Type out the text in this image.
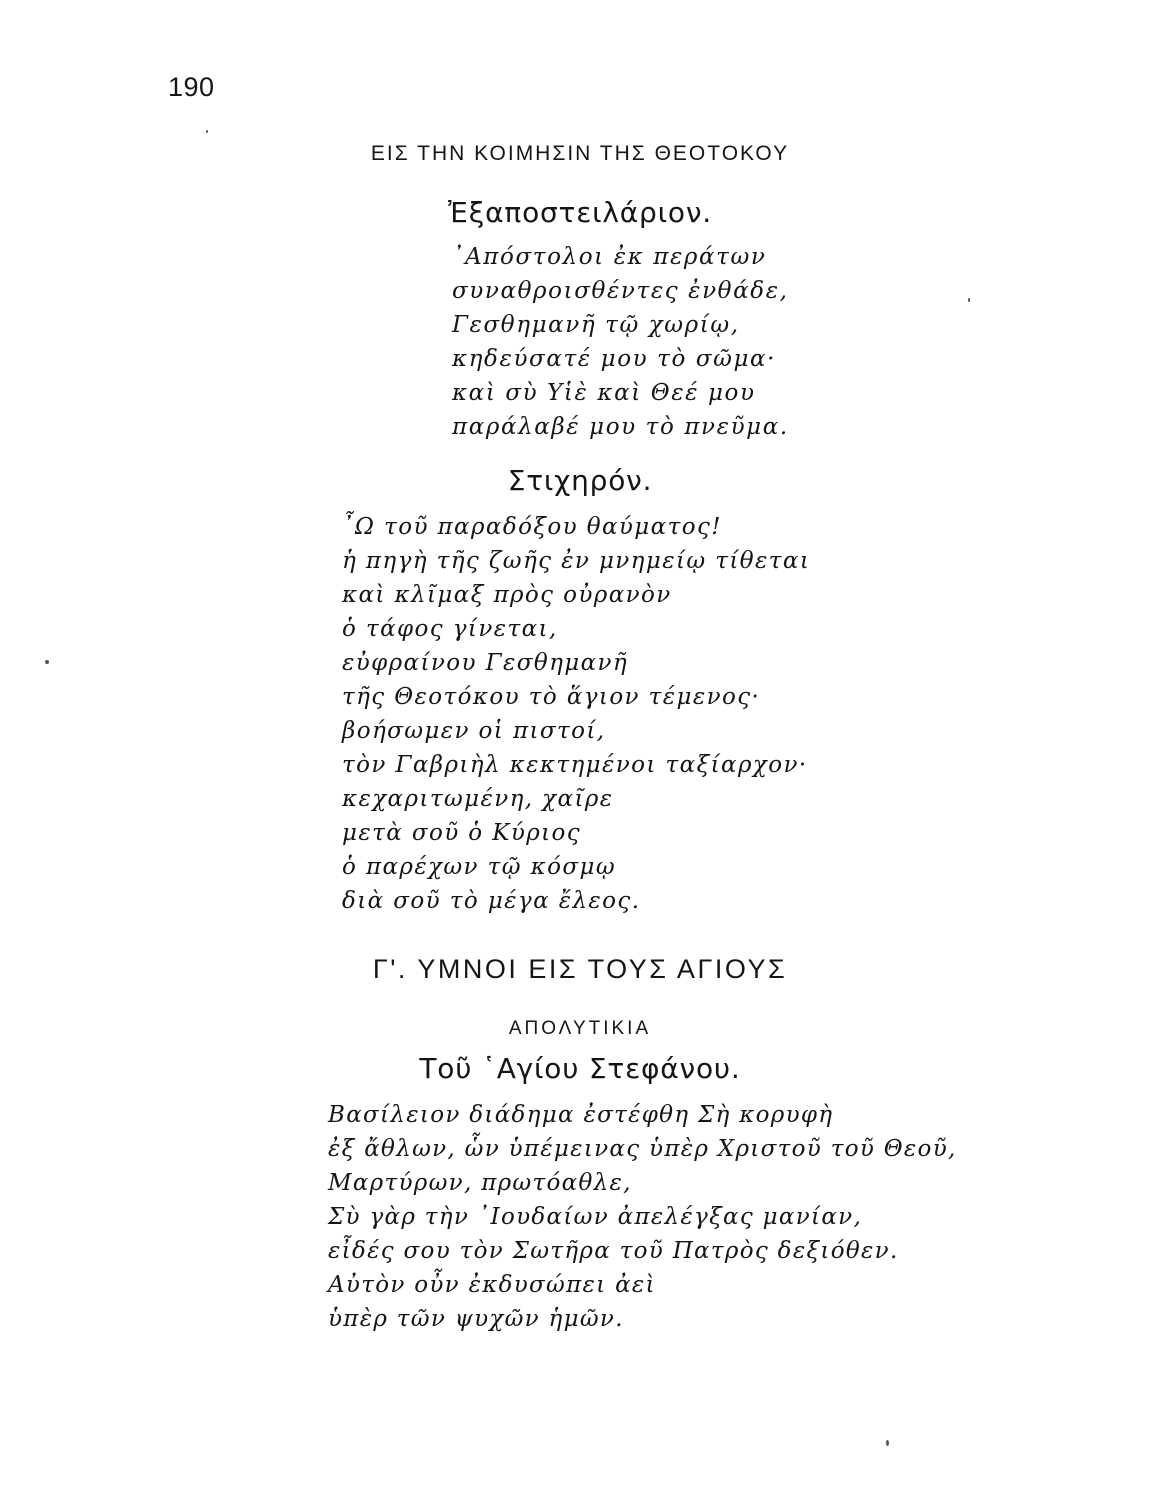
190
ΕΙΣ ΤΗΝ ΚΟΙΜΗΣΙΝ ΤΗΣ ΘΕΟΤΟΚΟΥ
Ἐξαποστειλάριον.
᾿Απόστολοι ἐκ περάτων
συναθροισθέντες ἐνθάδε,
Γεσθημανῆ τῷ χωρίῳ,
κηδεύσατέ μου τὸ σῶμα·
καὶ σὺ Υἱὲ καὶ Θεέ μου
παράλαβέ μου τὸ πνεῦμα.
Στιχηρόν.
῏Ω τοῦ παραδόξου θαύματος!
ἡ πηγὴ τῆς ζωῆς ἐν μνημείῳ τίθεται
καὶ κλῖμαξ πρὸς οὐρανὸν
ὁ τάφος γίνεται,
εὐφραίνου Γεσθημανῆ
τῆς Θεοτόκου τὸ ἅγιον τέμενος·
βοήσωμεν οἱ πιστοί,
τὸν Γαβριὴλ κεκτημένοι ταξίαρχον·
κεχαριτωμένη, χαῖρε
μετὰ σοῦ ὁ Κύριος
ὁ παρέχων τῷ κόσμῳ
διὰ σοῦ τὸ μέγα ἔλεος.
Γ'. ΥΜΝΟΙ ΕΙΣ ΤΟΥΣ ΑΓΙΟΥΣ
ΑΠΟΛΥΤΙΚΙΑ
Τοῦ ῾Αγίου Στεφάνου.
Βασίλειον διάδημα ἐστέφθη Σὴ κορυφὴ
ἐξ ἄθλων, ὧν ὑπέμεινας ὑπὲρ Χριστοῦ τοῦ Θεοῦ,
Μαρτύρων, πρωτόαθλε,
Σὺ γὰρ τὴν ᾿Ιουδαίων ἀπελέγξας μανίαν,
εἶδές σου τὸν Σωτῆρα τοῦ Πατρὸς δεξιόθεν.
Αὐτὸν οὖν ἐκδυσώπει ἀεὶ
ὑπὲρ τῶν ψυχῶν ἡμῶν.
